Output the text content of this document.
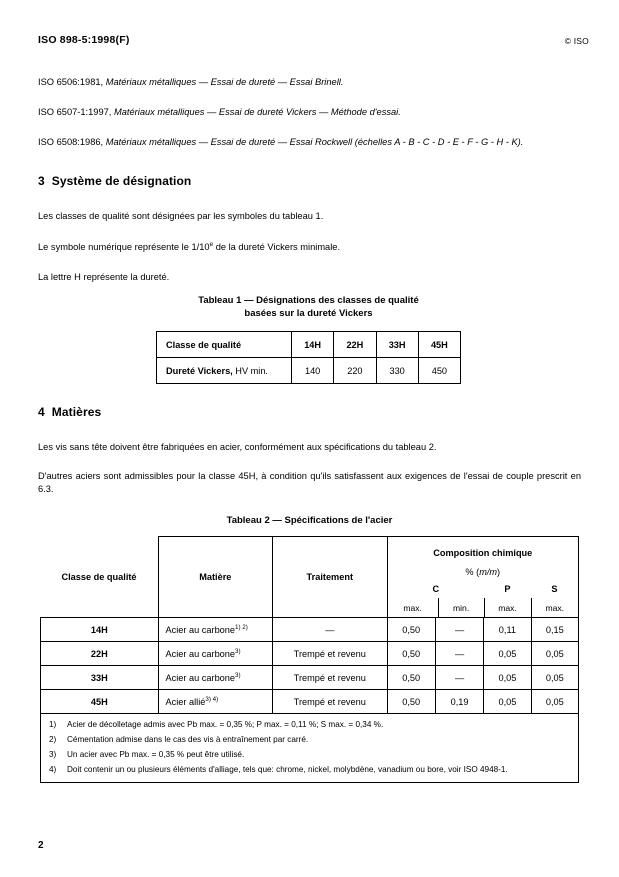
ISO 898-5:1998(F)	© ISO

ISO 6506:1981, Matériaux métalliques — Essai de dureté — Essai Brinell.

ISO 6507-1:1997, Matériaux métalliques — Essai de dureté Vickers — Méthode d'essai.

ISO 6508:1986, Matériaux métalliques — Essai de dureté — Essai Rockwell (échelles A - B - C - D - E - F - G - H - K).

3 Système de désignation

Les classes de qualité sont désignées par les symboles du tableau 1.

Le symbole numérique représente le 1/10e de la dureté Vickers minimale.

La lettre H représente la dureté.

4 Matières

Les vis sans tête doivent être fabriquées en acier, conformément aux spécifications du tableau 2.

D'autres aciers sont admissibles pour la classe 45H, à condition qu'ils satisfassent aux exigences de l'essai de couple prescrit en 6.3.

Tableau 1 — Désignations des classes de qualité
basées sur la dureté Vickers
Classe de qualité	14H	22H	33H	45H
Dureté Vickers, HV min.	140	220	330	450
Tableau 2 — Spécifications de l'acier
Classe de qualité	Matière	Traitement	Composition chimique
% (m/m)

C	P	S
max.	min.	max.	max.

14H	Acier au carbone$^{1) 2)}$	—	0,50	—	0,11	0,15
22H	Acier au carbone$^{3)}$	Trempé et revenu	0,50	—	0,05	0,05
33H	Acier au carbone$^{3)}$	Trempé et revenu	0,50	—	0,05	0,05
45H	Acier allié$^{3) 4)}$	Trempé et revenu	0,50	0,19	0,05	0,05

1)	Acier de décolletage admis avec Pb max. = 0,35 %; P max. = 0,11 %; S max. = 0,34 %.
2)	Cémentation admise dans le cas des vis à entraînement par carré.
3)	Un acier avec Pb max. = 0,35 % peut être utilisé.
4)	Doit contenir un ou plusieurs éléments d'alliage, tels que: chrome, nickel, molybdène, vanadium ou bore, voir ISO 4948-1.
2
